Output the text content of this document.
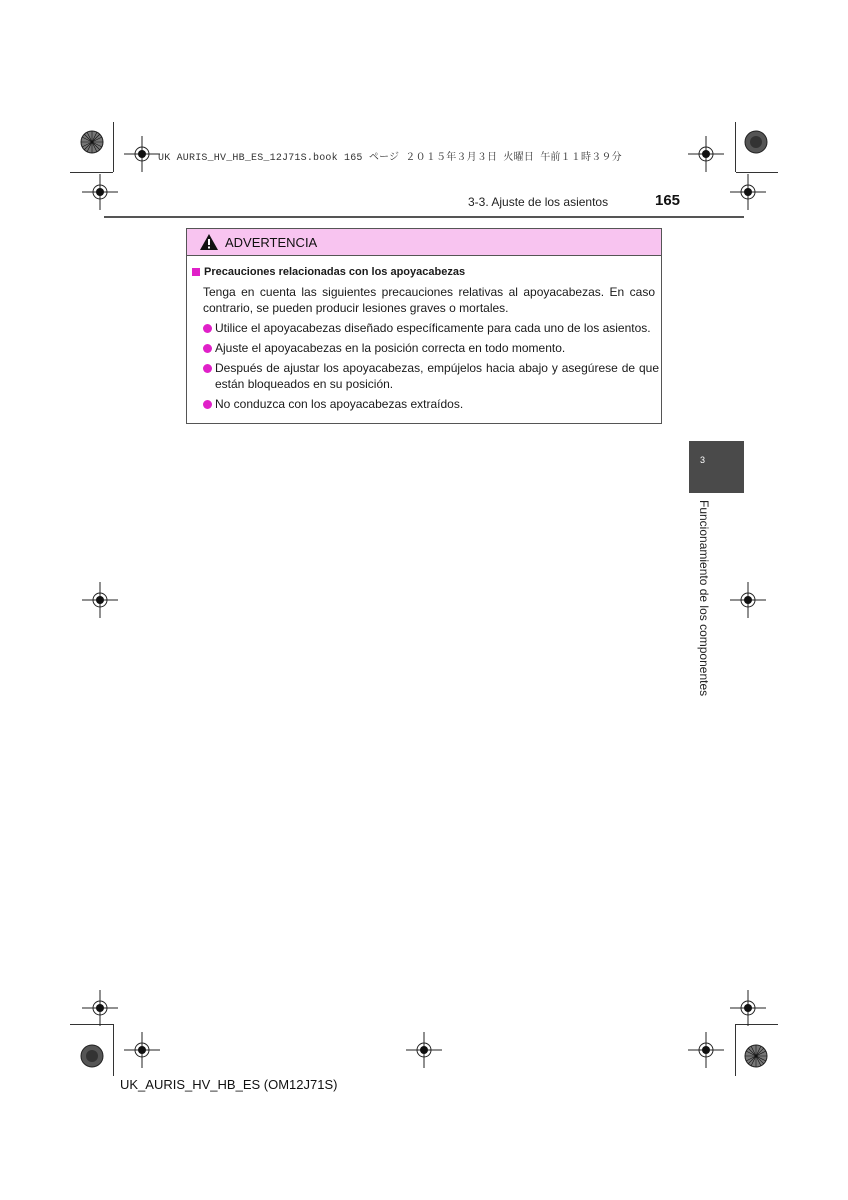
UK AURIS_HV_HB_ES_12J71S.book 165 ページ ２０１５年３月３日 火曜日 午前１１時３９分
3-3. Ajuste de los asientos	165
ADVERTENCIA
Precauciones relacionadas con los apoyacabezas
Tenga en cuenta las siguientes precauciones relativas al apoyacabezas. En caso contrario, se pueden producir lesiones graves o mortales.
Utilice el apoyacabezas diseñado específicamente para cada uno de los asientos.
Ajuste el apoyacabezas en la posición correcta en todo momento.
Después de ajustar los apoyacabezas, empújelos hacia abajo y asegúrese de que están bloqueados en su posición.
No conduzca con los apoyacabezas extraídos.
3
Funcionamiento de los componentes
UK_AURIS_HV_HB_ES (OM12J71S)
